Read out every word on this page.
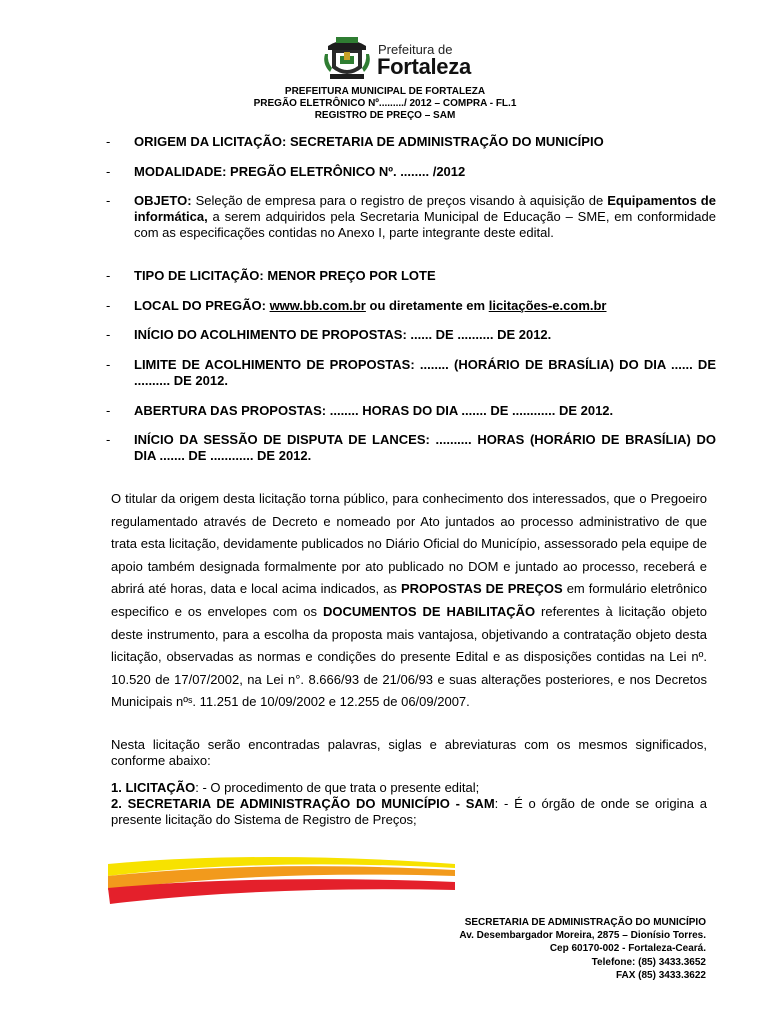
Prefeitura de
Fortaleza
PREFEITURA MUNICIPAL DE FORTALEZA
PREGÃO ELETRÔNICO Nº........./ 2012 – COMPRA - FL.1
REGISTRO DE PREÇO – SAM
- ORIGEM DA LICITAÇÃO: SECRETARIA DE ADMINISTRAÇÃO DO MUNICÍPIO
- MODALIDADE: PREGÃO ELETRÔNICO Nº. ........ /2012
- OBJETO: Seleção de empresa para o registro de preços visando à aquisição de Equipamentos de informática, a serem adquiridos pela Secretaria Municipal de Educação – SME, em conformidade com as especificações contidas no Anexo I, parte integrante deste edital.
- TIPO DE LICITAÇÃO: MENOR PREÇO POR LOTE
- LOCAL DO PREGÃO: www.bb.com.br ou diretamente em licitações-e.com.br
- INÍCIO DO ACOLHIMENTO DE PROPOSTAS: ...... DE .......... DE 2012.
- LIMITE DE ACOLHIMENTO DE PROPOSTAS: ........ (HORÁRIO DE BRASÍLIA) DO DIA ...... DE .......... DE 2012.
- ABERTURA DAS PROPOSTAS: ........ HORAS DO DIA ....... DE ............ DE 2012.
- INÍCIO DA SESSÃO DE DISPUTA DE LANCES: .......... HORAS (HORÁRIO DE BRASÍLIA) DO DIA ....... DE ............ DE 2012.
O titular da origem desta licitação torna público, para conhecimento dos interessados, que o Pregoeiro regulamentado através de Decreto e nomeado por Ato juntados ao processo administrativo de que trata esta licitação, devidamente publicados no Diário Oficial do Município, assessorado pela equipe de apoio também designada formalmente por ato publicado no DOM e juntado ao processo, receberá e abrirá até horas, data e local acima indicados, as PROPOSTAS DE PREÇOS em formulário eletrônico especifico e os envelopes com os DOCUMENTOS DE HABILITAÇÃO referentes à licitação objeto deste instrumento, para a escolha da proposta mais vantajosa, objetivando a contratação objeto desta licitação, observadas as normas e condições do presente Edital e as disposições contidas na Lei nº. 10.520 de 17/07/2002, na Lei n°. 8.666/93 de 21/06/93 e suas alterações posteriores, e nos Decretos Municipais nºˢ. 11.251 de 10/09/2002 e 12.255 de 06/09/2007.
Nesta licitação serão encontradas palavras, siglas e abreviaturas com os mesmos significados, conforme abaixo:
1. LICITAÇÃO: - O procedimento de que trata o presente edital;
2. SECRETARIA DE ADMINISTRAÇÃO DO MUNICÍPIO - SAM: - É o órgão de onde se origina a presente licitação do Sistema de Registro de Preços;
SECRETARIA DE ADMINISTRAÇÃO DO MUNICÍPIO
Av. Desembargador Moreira, 2875 – Dionísio Torres.
Cep 60170-002 - Fortaleza-Ceará.
Telefone: (85) 3433.3652
FAX (85) 3433.3622
